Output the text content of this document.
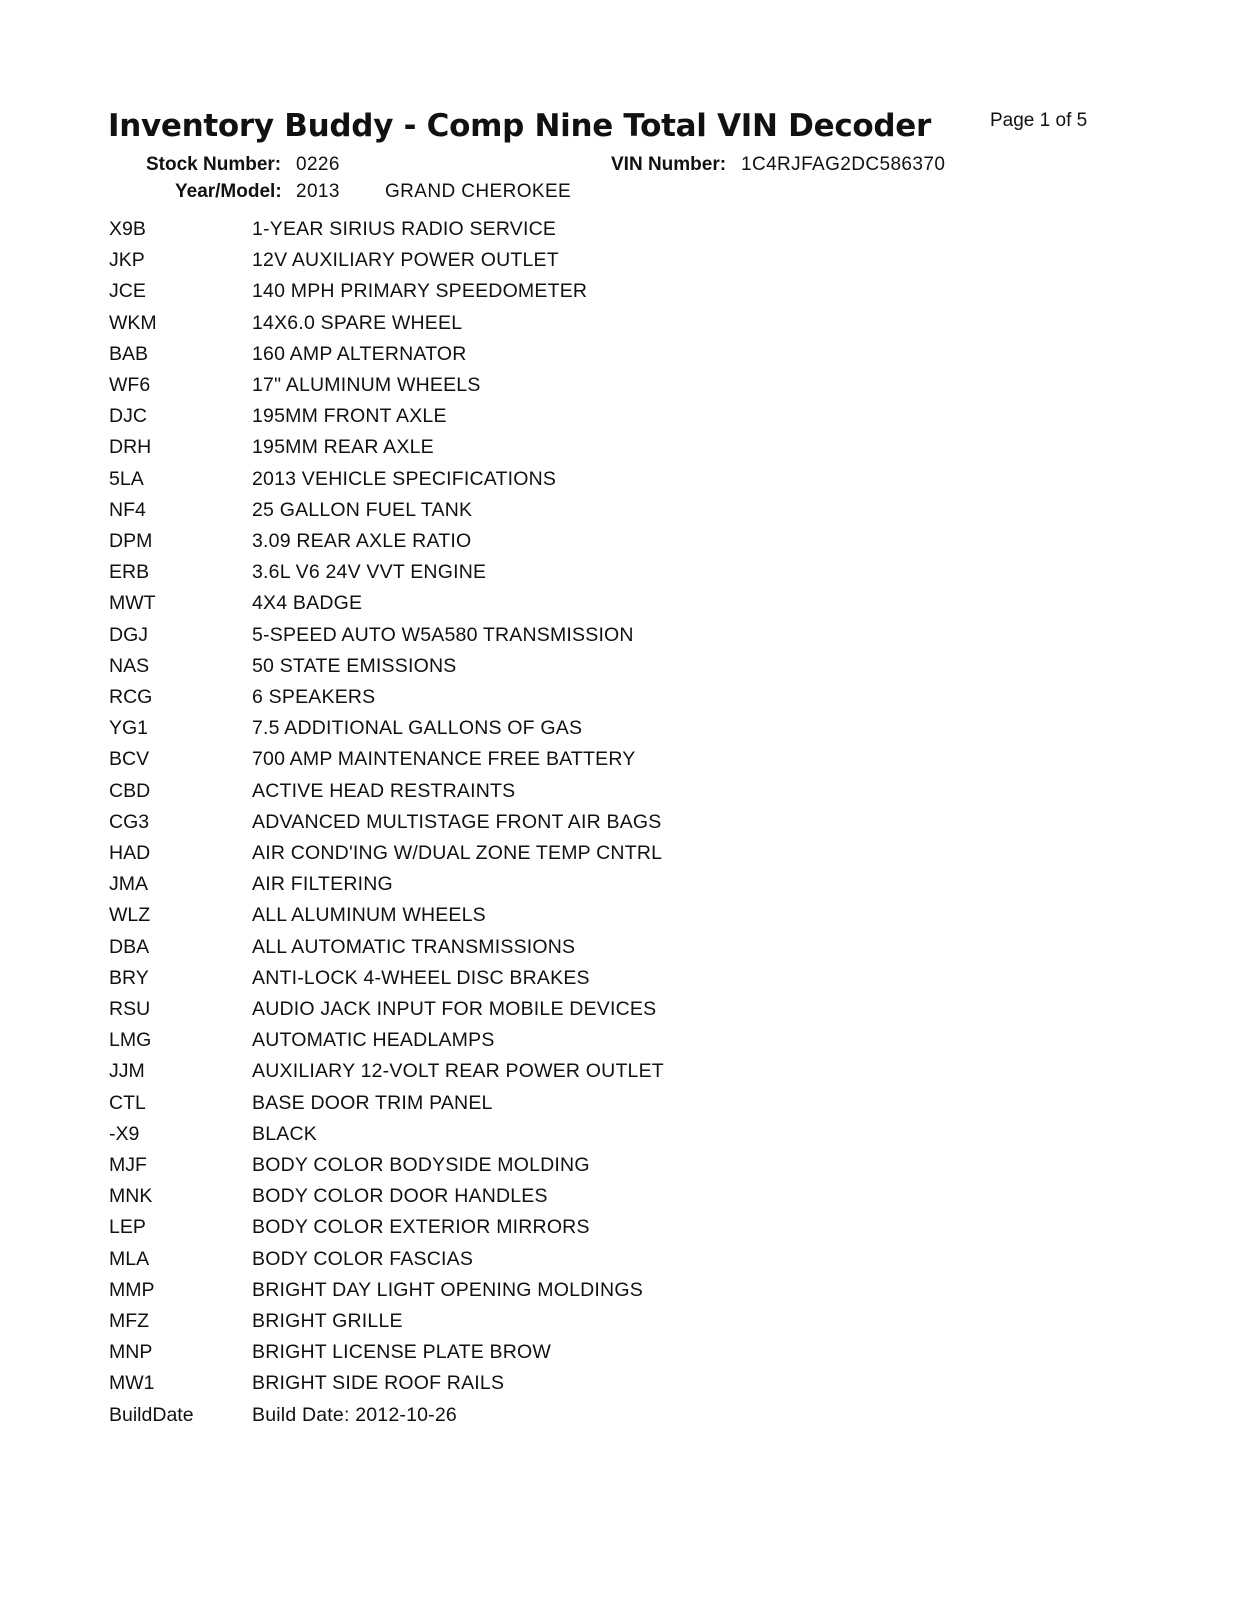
Inventory Buddy - Comp Nine Total VIN Decoder	Page 1 of 5
Stock Number: 0226	VIN Number: 1C4RJFAG2DC586370
Year/Model: 2013 GRAND CHEROKEE
X9B	1-YEAR SIRIUS RADIO SERVICE
JKP	12V AUXILIARY POWER OUTLET
JCE	140 MPH PRIMARY SPEEDOMETER
WKM	14X6.0 SPARE WHEEL
BAB	160 AMP ALTERNATOR
WF6	17" ALUMINUM WHEELS
DJC	195MM FRONT AXLE
DRH	195MM REAR AXLE
5LA	2013 VEHICLE SPECIFICATIONS
NF4	25 GALLON FUEL TANK
DPM	3.09 REAR AXLE RATIO
ERB	3.6L V6 24V VVT ENGINE
MWT	4X4 BADGE
DGJ	5-SPEED AUTO W5A580 TRANSMISSION
NAS	50 STATE EMISSIONS
RCG	6 SPEAKERS
YG1	7.5 ADDITIONAL GALLONS OF GAS
BCV	700 AMP MAINTENANCE FREE BATTERY
CBD	ACTIVE HEAD RESTRAINTS
CG3	ADVANCED MULTISTAGE FRONT AIR BAGS
HAD	AIR COND'ING W/DUAL ZONE TEMP CNTRL
JMA	AIR FILTERING
WLZ	ALL ALUMINUM WHEELS
DBA	ALL AUTOMATIC TRANSMISSIONS
BRY	ANTI-LOCK 4-WHEEL DISC BRAKES
RSU	AUDIO JACK INPUT FOR MOBILE DEVICES
LMG	AUTOMATIC HEADLAMPS
JJM	AUXILIARY 12-VOLT REAR POWER OUTLET
CTL	BASE DOOR TRIM PANEL
-X9	BLACK
MJF	BODY COLOR BODYSIDE MOLDING
MNK	BODY COLOR DOOR HANDLES
LEP	BODY COLOR EXTERIOR MIRRORS
MLA	BODY COLOR FASCIAS
MMP	BRIGHT DAY LIGHT OPENING MOLDINGS
MFZ	BRIGHT GRILLE
MNP	BRIGHT LICENSE PLATE BROW
MW1	BRIGHT SIDE ROOF RAILS
BuildDate	Build Date: 2012-10-26
